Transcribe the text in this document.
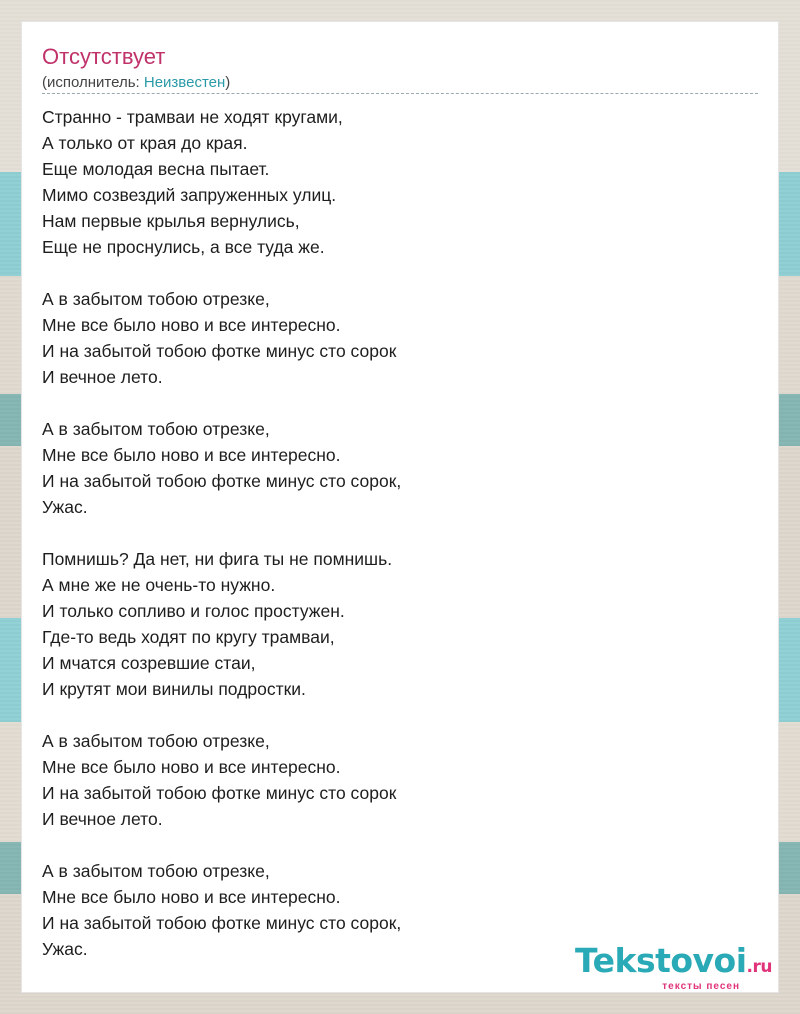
Отсутствует
(исполнитель: Неизвестен)
Странно - трамваи не ходят кругами,
А только от края до края.
Еще молодая весна пытает.
Мимо созвездий запруженных улиц.
Нам первые крылья вернулись,
Еще не проснулись, а все туда же.
А в забытом тобою отрезке,
Мне все было ново и все интересно.
И на забытой тобою фотке минус сто сорок
И вечное лето.
А в забытом тобою отрезке,
Мне все было ново и все интересно.
И на забытой тобою фотке минус сто сорок,
Ужас.
Помнишь? Да нет, ни фига ты не помнишь.
А мне же не очень-то нужно.
И только сопливо и голос простужен.
Где-то ведь ходят по кругу трамваи,
И мчатся созревшие стаи,
И крутят мои винилы подростки.
А в забытом тобою отрезке,
Мне все было ново и все интересно.
И на забытой тобою фотке минус сто сорок
И вечное лето.
А в забытом тобою отрезке,
Мне все было ново и все интересно.
И на забытой тобою фотке минус сто сорок,
Ужас.	Tekstovoi.ru
тексты песен
